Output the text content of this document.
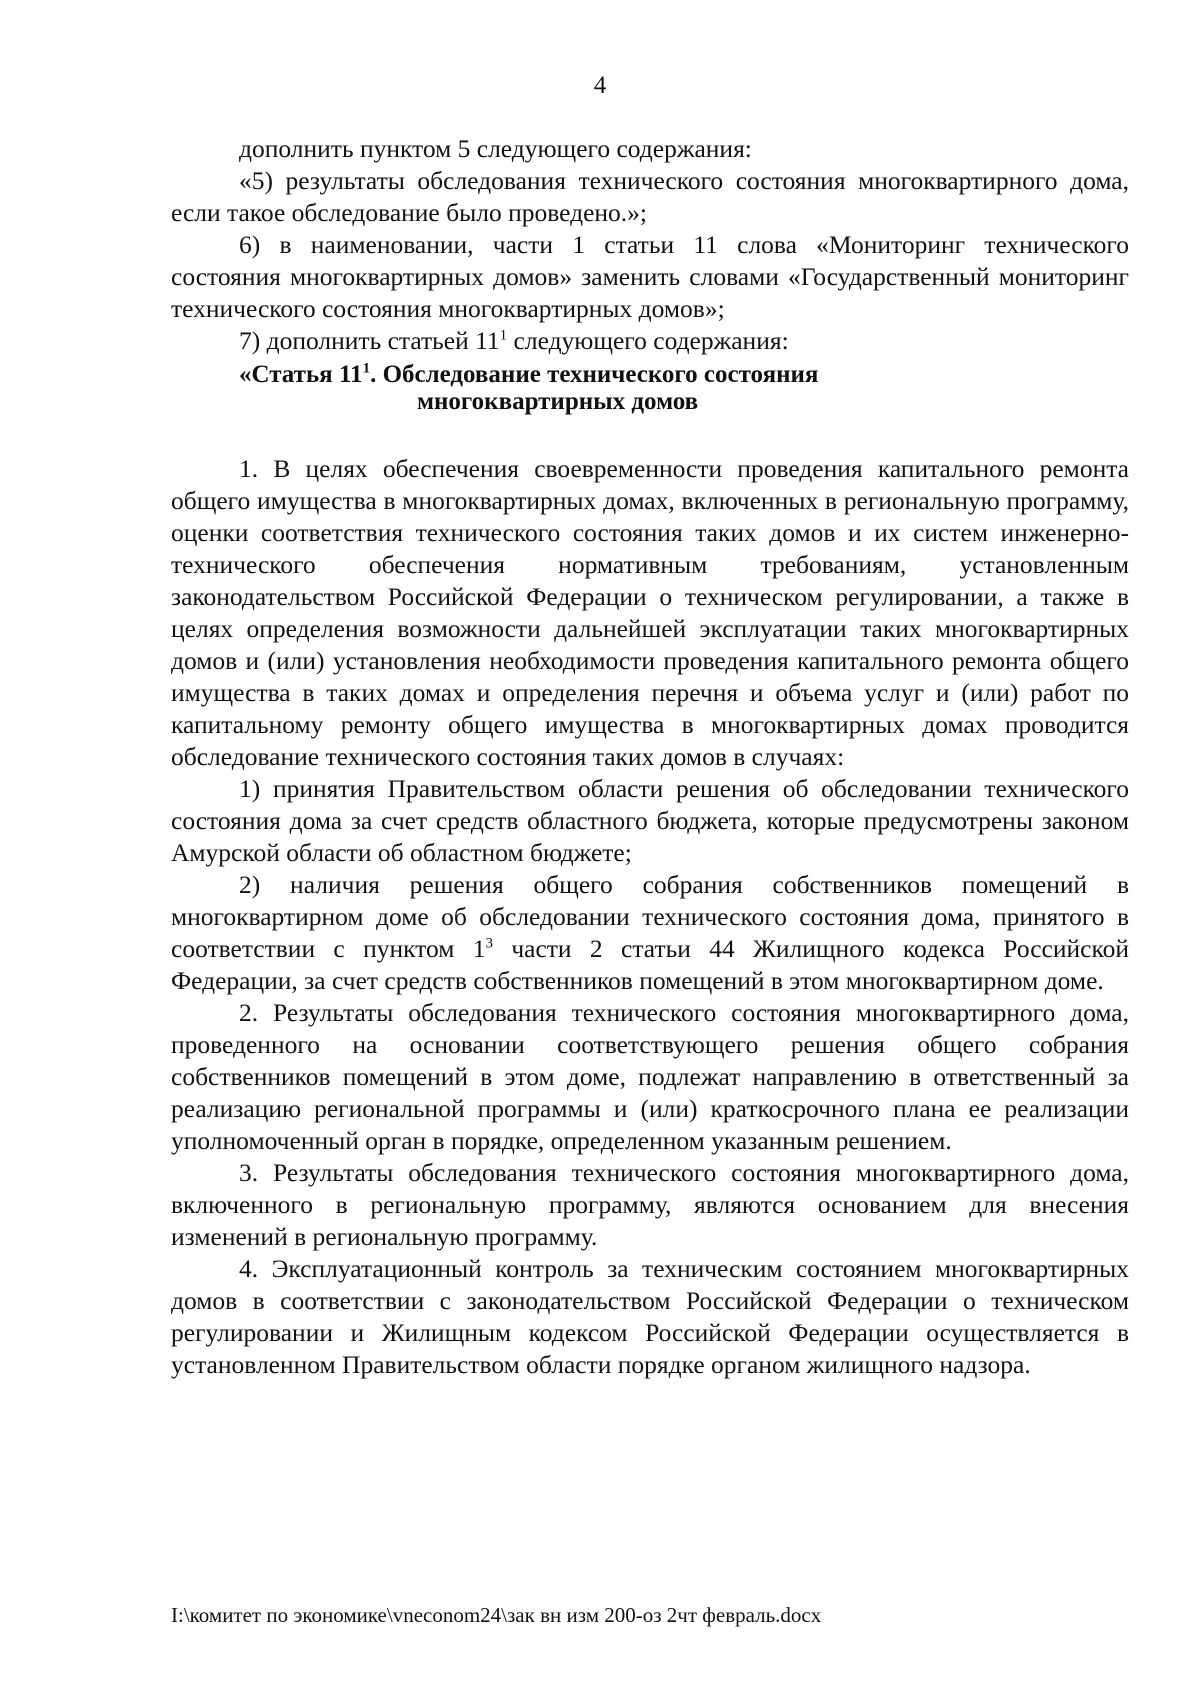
4

дополнить пунктом 5 следующего содержания:

«5) результаты обследования технического состояния многоквартирного дома, если такое обследование было проведено.»;

6) в наименовании, части 1 статьи 11 слова «Мониторинг технического состояния многоквартирных домов» заменить словами «Государственный мониторинг технического состояния многоквартирных домов»;

7) дополнить статьей $11^1$ следующего содержания:

«Статья $11^1$. Обследование технического состояния
многоквартирных домов

1. В целях обеспечения своевременности проведения капитального ремонта общего имущества в многоквартирных домах, включенных в региональную программу, оценки соответствия технического состояния таких домов и их систем инженерно-технического обеспечения нормативным требованиям, установленным законодательством Российской Федерации о техническом регулировании, а также в целях определения возможности дальнейшей эксплуатации таких многоквартирных домов и (или) установления необходимости проведения капитального ремонта общего имущества в таких домах и определения перечня и объема услуг и (или) работ по капитальному ремонту общего имущества в многоквартирных домах проводится обследование технического состояния таких домов в случаях:

1) принятия Правительством области решения об обследовании технического состояния дома за счет средств областного бюджета, которые предусмотрены законом Амурской области об областном бюджете;

2) наличия решения общего собрания собственников помещений в многоквартирном доме об обследовании технического состояния дома, принятого в соответствии с пунктом $1^3$ части 2 статьи 44 Жилищного кодекса Российской Федерации, за счет средств собственников помещений в этом многоквартирном доме.

2. Результаты обследования технического состояния многоквартирного дома, проведенного на основании соответствующего решения общего собрания собственников помещений в этом доме, подлежат направлению в ответственный за реализацию региональной программы и (или) краткосрочного плана ее реализации уполномоченный орган в порядке, определенном указанным решением.

3. Результаты обследования технического состояния многоквартирного дома, включенного в региональную программу, являются основанием для внесения изменений в региональную программу.

4. Эксплуатационный контроль за техническим состоянием многоквартирных домов в соответствии с законодательством Российской Федерации о техническом регулировании и Жилищным кодексом Российской Федерации осуществляется в установленном Правительством области порядке органом жилищного надзора.

I:\комитет по экономике\vneconom24\зак вн изм 200-оз 2чт февраль.docx
